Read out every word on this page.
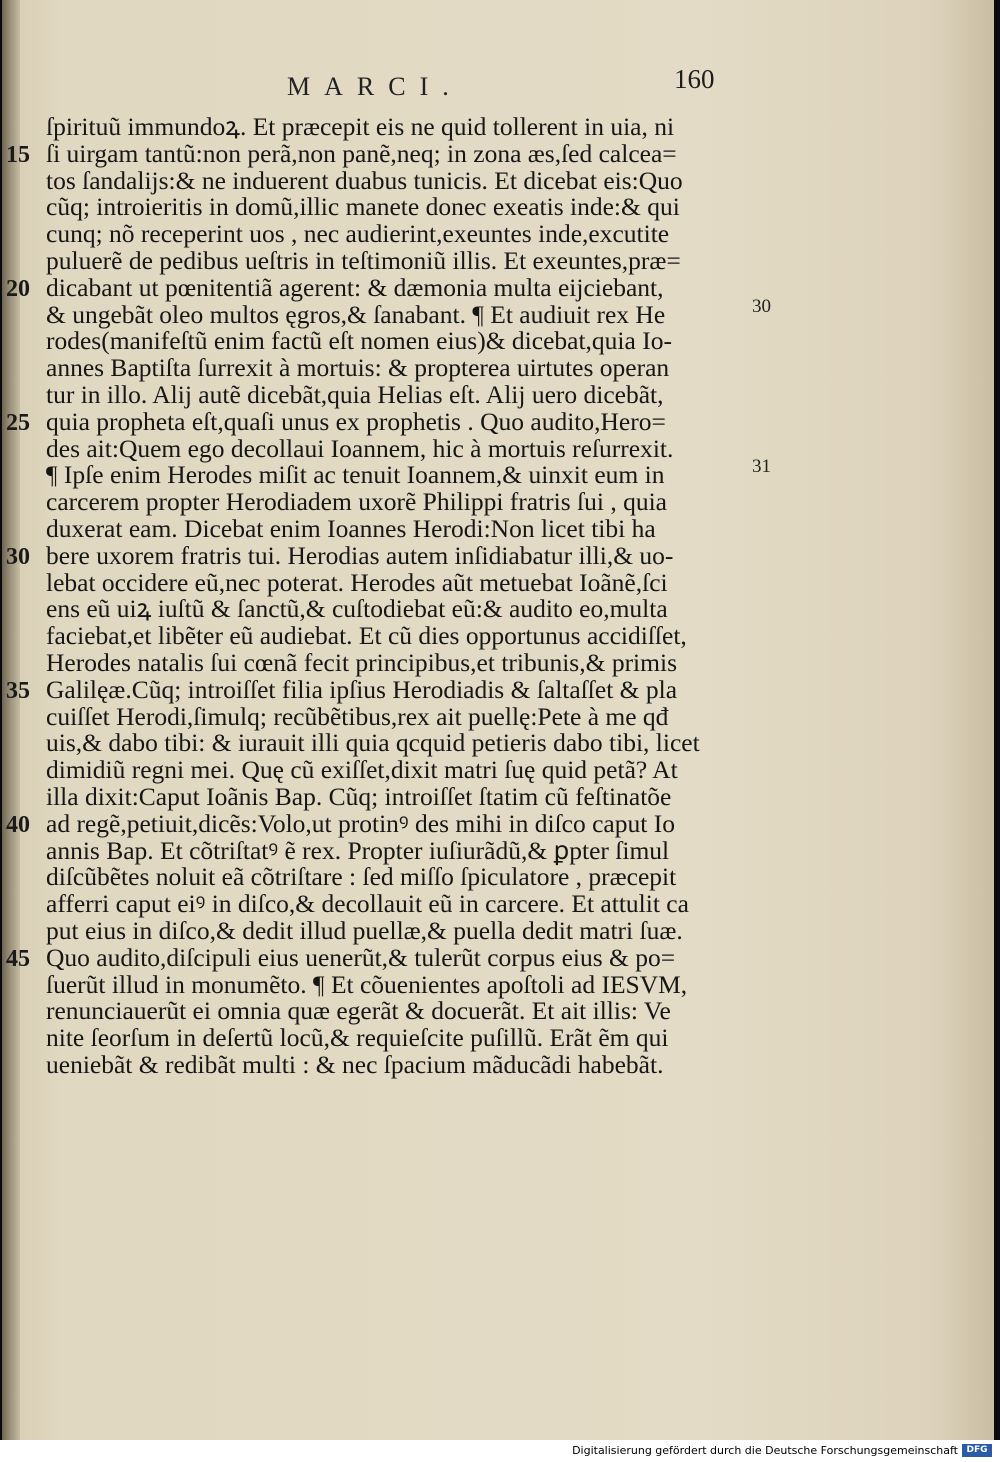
MARCI.	160
ſpirituũ immundoꝝ. Et præcepit eis ne quid tollerent in uia, ni
ſi uirgam tantũ:non perã,non panẽ,neq; in zona æs,ſed calcea=
tos ſandalijs:& ne induerent duabus tunicis. Et dicebat eis:Quo
cũq; introieritis in domũ,illic manete donec exeatis inde:& qui
cunq; nõ receperint uos , nec audierint,exeuntes inde,excutite
puluerẽ de pedibus ueſtris in teſtimoniũ illis. Et exeuntes,præ=
dicabant ut pœnitentiã agerent: & dæmonia multa eijciebant,
& ungebãt oleo multos ęgros,& ſanabant. ¶ Et audiuit rex He
rodes(manifeſtũ enim factũ eſt nomen eius)& dicebat,quia Io-
annes Baptiſta ſurrexit à mortuis: & propterea uirtutes operan
tur in illo. Alij autẽ dicebãt,quia Helias eſt. Alij uero dicebãt,
quia propheta eſt,quaſi unus ex prophetis . Quo audito,Hero=
des ait:Quem ego decollaui Ioannem, hic à mortuis reſurrexit.
¶ Ipſe enim Herodes miſit ac tenuit Ioannem,& uinxit eum in
carcerem propter Herodiadem uxorẽ Philippi fratris ſui , quia
duxerat eam. Dicebat enim Ioannes Herodi:Non licet tibi ha
bere uxorem fratris tui. Herodias autem inſidiabatur illi,& uo-
lebat occidere eũ,nec poterat. Herodes aũt metuebat Ioãnẽ,ſci
ens eũ uiꝝ iuſtũ & ſanctũ,& cuſtodiebat eũ:& audito eo,multa
faciebat,et libẽter eũ audiebat. Et cũ dies opportunus accidiſſet,
Herodes natalis ſui cœnã fecit principibus,et tribunis,& primis
Galilęæ.Cũq; introiſſet filia ipſius Herodiadis & ſaltaſſet & pla
cuiſſet Herodi,ſimulq; recũbẽtibus,rex ait puellę:Pete à me qđ
uis,& dabo tibi: & iurauit illi quia qcquid petieris dabo tibi, licet
dimidiũ regni mei. Quę cũ exiſſet,dixit matri ſuę quid petã? At
illa dixit:Caput Ioãnis Bap. Cũq; introiſſet ſtatim cũ feſtinatõe
ad regẽ,petiuit,dicẽs:Volo,ut protinꝰ des mihi in diſco caput Io
annis Bap. Et cõtriſtatꝰ ẽ rex. Propter iuſiurãdũ,& ꝑpter ſimul
diſcũbẽtes noluit eã cõtriſtare : ſed miſſo ſpiculatore , præcepit
afferri caput eiꝰ in diſco,& decollauit eũ in carcere. Et attulit ca
put eius in diſco,& dedit illud puellæ,& puella dedit matri ſuæ.
Quo audito,diſcipuli eius uenerũt,& tulerũt corpus eius & po=
ſuerũt illud in monumẽto. ¶ Et cõuenientes apoſtoli ad IESVM,
renunciauerũt ei omnia quæ egerãt & docuerãt. Et ait illis: Ve
nite ſeorſum in deſertũ locũ,& requieſcite puſillũ. Erãt ẽm qui
ueniebãt & redibãt multi : & nec ſpacium mãducãdi habebãt.
15
20
25
30
35
40
45
30
31
Digitalisierung gefördert durch die Deutsche Forschungsgemeinschaft DFG
